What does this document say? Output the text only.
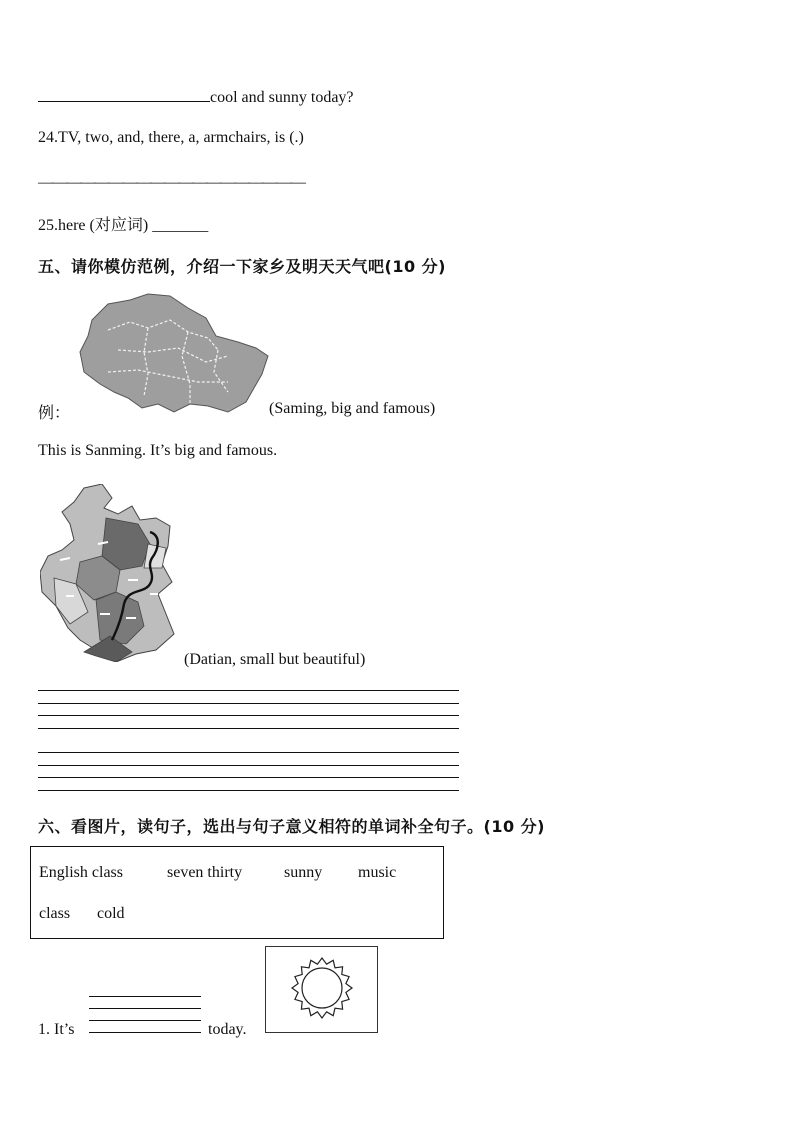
cool and sunny today?
24.TV, two, and, there, a, armchairs, is (.)
———————————————————
25.here (对应词) _______
五、请你模仿范例，介绍一下家乡及明天天气吧(10 分)
例：	(Saming, big and famous)
This is Sanming. It’s big and famous.
(Datian, small but beautiful)
六、看图片，读句子，选出与句子意义相符的单词补全句子。(10 分)
English class	seven thirty	sunny music
class cold
1. It’s	today.
